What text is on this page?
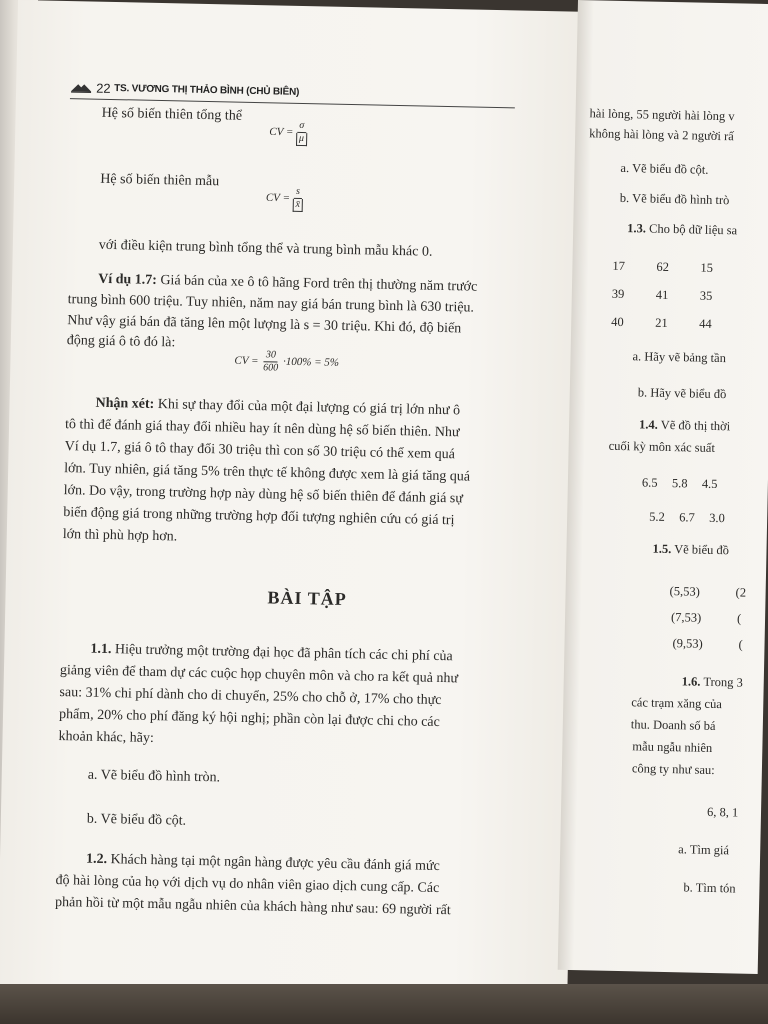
22 TS. VƯƠNG THỊ THẢO BÌNH (CHỦ BIÊN)
Hệ số biến thiên tổng thể
CV = $\frac{\sigma}{\mu}$
Hệ số biến thiên mẫu
CV = $\frac{s}{x̄}$
với điều kiện trung bình tổng thể và trung bình mẫu khác 0.
Ví dụ 1.7: Giá bán của xe ô tô hãng Ford trên thị thường năm trước
trung bình 600 triệu. Tuy nhiên, năm nay giá bán trung bình là 630 triệu.
Như vậy giá bán đã tăng lên một lượng là s = 30 triệu. Khi đó, độ biến
động giá ô tô đó là:
CV = $\frac{30}{600} \cdot 100\% = 5\%$
Nhận xét: Khi sự thay đổi của một đại lượng có giá trị lớn như ô
tô thì để đánh giá thay đổi nhiều hay ít nên dùng hệ số biến thiên. Như
Ví dụ 1.7, giá ô tô thay đổi 30 triệu thì con số 30 triệu có thể xem quá
lớn. Tuy nhiên, giá tăng 5% trên thực tế không được xem là giá tăng quá
lớn. Do vậy, trong trường hợp này dùng hệ số biến thiên để đánh giá sự
biến động giá trong những trường hợp đối tượng nghiên cứu có giá trị
lớn thì phù hợp hơn.
BÀI TẬP
1.1. Hiệu trưởng một trường đại học đã phân tích các chi phí của
giảng viên để tham dự các cuộc họp chuyên môn và cho ra kết quả như
sau: 31% chi phí dành cho di chuyển, 25% cho chỗ ở, 17% cho thực
phẩm, 20% cho phí đăng ký hội nghị; phần còn lại được chi cho các
khoản khác, hãy:
a. Vẽ biểu đồ hình tròn.
b. Vẽ biểu đồ cột.
1.2. Khách hàng tại một ngân hàng được yêu cầu đánh giá mức
độ hài lòng của họ với dịch vụ do nhân viên giao dịch cung cấp. Các
phản hồi từ một mẫu ngẫu nhiên của khách hàng như sau: 69 người rất
hài lòng, 55 người hài lòng v
không hài lòng và 2 người rấ
a. Vẽ biểu đồ cột.
b. Vẽ biểu đồ hình trò
1.3. Cho bộ dữ liệu sa
17 62 15
39 41 35
40 21 44
a. Hãy vẽ bảng tần
b. Hãy vẽ biểu đồ
1.4. Vẽ đồ thị thời
cuối kỳ môn xác suất
6.5 5.8 4.5
5.2 6.7 3.0
1.5. Vẽ biểu đồ
(5,53)	(2
(7,53)	(
(9,53)	(
1.6. Trong 3
các trạm xăng của
thu. Doanh số bá
mẫu ngẫu nhiên
công ty như sau:
6, 8, 1
a. Tìm giá
b. Tìm tón
